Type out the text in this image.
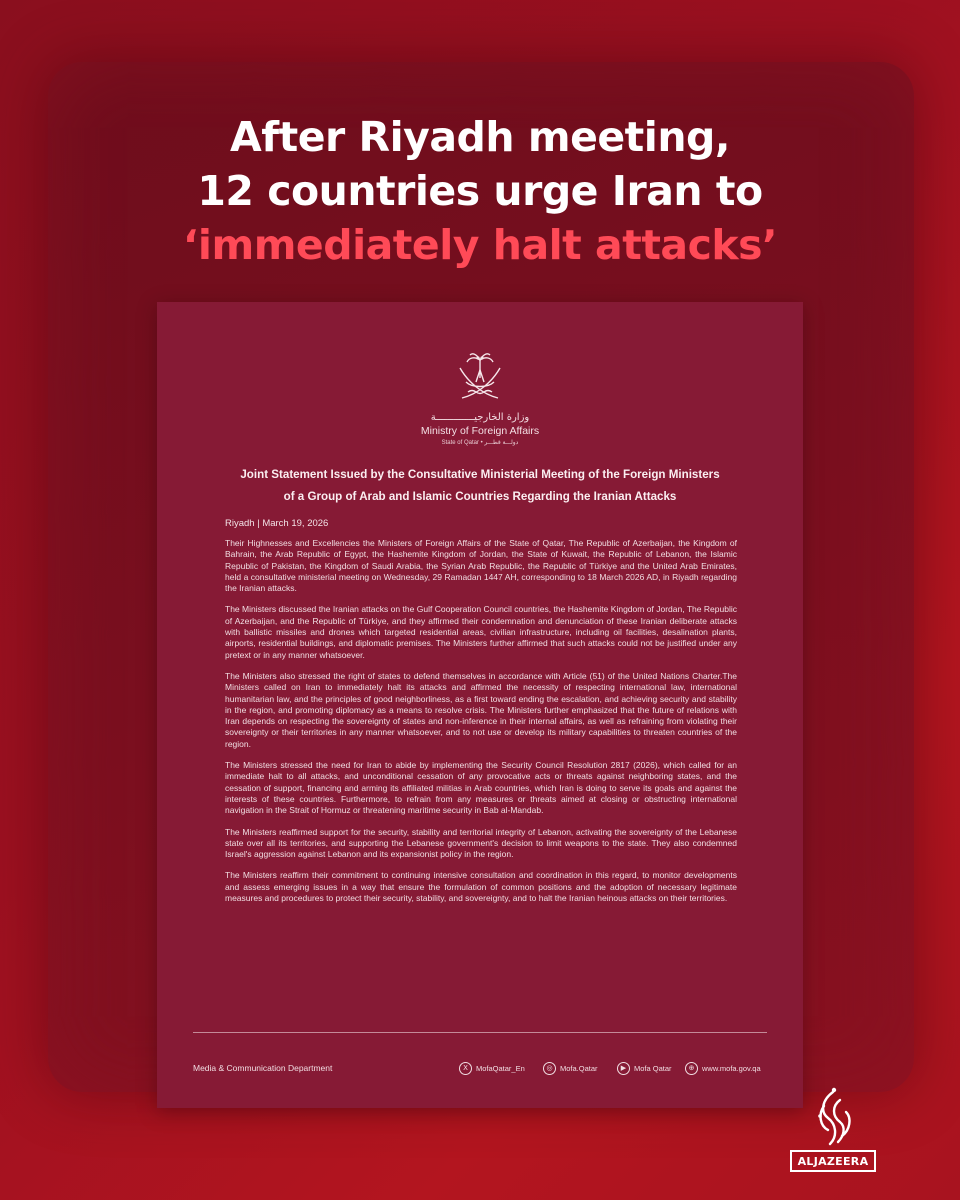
After Riyadh meeting,
12 countries urge Iran to
‘immediately halt attacks’
وزارة الخارجيـــــــــــــة
Ministry of Foreign Affairs
State of Qatar • دولـــة قطـــر
Joint Statement Issued by the Consultative Ministerial Meeting of the Foreign Ministers
of a Group of Arab and Islamic Countries Regarding the Iranian Attacks
Riyadh | March 19, 2026

Their Highnesses and Excellencies the Ministers of Foreign Affairs of the State of Qatar, The Republic of Azerbaijan, the Kingdom of Bahrain, the Arab Republic of Egypt, the Hashemite Kingdom of Jordan, the State of Kuwait, the Republic of Lebanon, the Islamic Republic of Pakistan, the Kingdom of Saudi Arabia, the Syrian Arab Republic, the Republic of Türkiye and the United Arab Emirates, held a consultative ministerial meeting on Wednesday, 29 Ramadan 1447 AH, corresponding to 18 March 2026 AD, in Riyadh regarding the Iranian attacks.

The Ministers discussed the Iranian attacks on the Gulf Cooperation Council countries, the Hashemite Kingdom of Jordan, The Republic of Azerbaijan, and the Republic of Türkiye, and they affirmed their condemnation and denunciation of these Iranian deliberate attacks with ballistic missiles and drones which targeted residential areas, civilian infrastructure, including oil facilities, desalination plants, airports, residential buildings, and diplomatic premises. The Ministers further affirmed that such attacks could not be justified under any pretext or in any manner whatsoever.

The Ministers also stressed the right of states to defend themselves in accordance with Article (51) of the United Nations Charter.The Ministers called on Iran to immediately halt its attacks and affirmed the necessity of respecting international law, international humanitarian law, and the principles of good neighborliness, as a first toward ending the escalation, and achieving security and stability in the region, and promoting diplomacy as a means to resolve crisis. The Ministers further emphasized that the future of relations with Iran depends on respecting the sovereignty of states and non-inference in their internal affairs, as well as refraining from violating their sovereignty or their territories in any manner whatsoever, and to not use or develop its military capabilities to threaten countries of the region.

The Ministers stressed the need for Iran to abide by implementing the Security Council Resolution 2817 (2026), which called for an immediate halt to all attacks, and unconditional cessation of any provocative acts or threats against neighboring states, and the cessation of support, financing and arming its affiliated militias in Arab countries, which Iran is doing to serve its goals and against the interests of these countries. Furthermore, to refrain from any measures or threats aimed at closing or obstructing international navigation in the Strait of Hormuz or threatening maritime security in Bab al-Mandab.

The Ministers reaffirmed support for the security, stability and territorial integrity of Lebanon, activating the sovereignty of the Lebanese state over all its territories, and supporting the Lebanese government's decision to limit weapons to the state. They also condemned Israel's aggression against Lebanon and its expansionist policy in the region.

The Ministers reaffirm their commitment to continuing intensive consultation and coordination in this regard, to monitor developments and assess emerging issues in a way that ensure the formulation of common positions and the adoption of necessary legitimate measures and procedures to protect their security, stability, and sovereignty, and to halt the Iranian heinous attacks on their territories.

Media & Communication Department	X	MofaQatar_En	◎ Mofa.Qatar	▶	Mofa Qatar	⊕	www.mofa.gov.qa
ALJAZEERA
